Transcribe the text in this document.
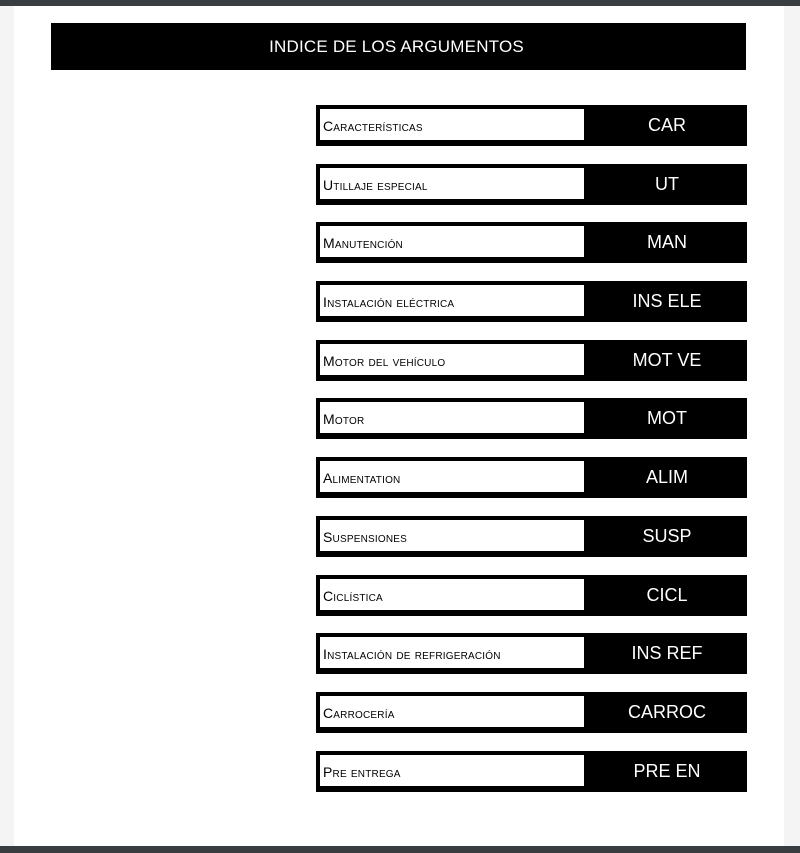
INDICE DE LOS ARGUMENTOS
Características	CAR
Utillaje especial	UT
Manutención	MAN
Instalación eléctrica	INS ELE
Motor del vehículo	MOT VE
Motor	MOT
Alimentation	ALIM
Suspensiones	SUSP
Ciclística	CICL
Instalación de refrigeración	INS REF
Carrocería	CARROC
Pre entrega	PRE EN
